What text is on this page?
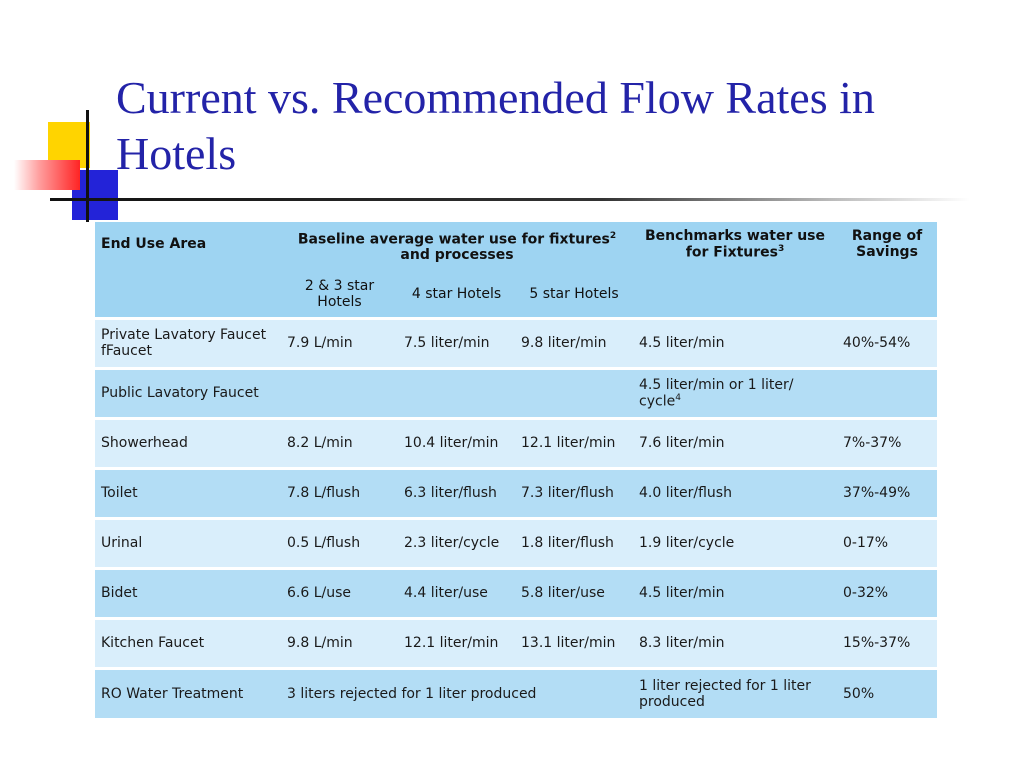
Current vs. Recommended Flow Rates in Hotels
End Use Area	Baseline average water use for fixtures$^2$ and processes			Benchmarks water use for Fixtures$^3$	Range of Savings
	2 & 3 star Hotels	4 star Hotels	5 star Hotels		
Private Lavatory Faucet fFaucet	7.9 L/min	7.5 liter/min	9.8 liter/min	4.5 liter/min	40%-54%
Public Lavatory Faucet				4.5 liter/min or 1 liter/ cycle$^4$	
Showerhead	8.2 L/min	10.4 liter/min	12.1 liter/min	7.6 liter/min	7%-37%
Toilet	7.8 L/flush	6.3 liter/flush	7.3 liter/flush	4.0 liter/flush	37%-49%
Urinal	0.5 L/flush	2.3 liter/cycle	1.8 liter/flush	1.9 liter/cycle	0-17%
Bidet	6.6 L/use	4.4 liter/use	5.8 liter/use	4.5 liter/min	0-32%
Kitchen Faucet	9.8 L/min	12.1 liter/min	13.1 liter/min	8.3 liter/min	15%-37%
RO Water Treatment	3 liters rejected for 1 liter produced			1 liter rejected for 1 liter produced	50%
